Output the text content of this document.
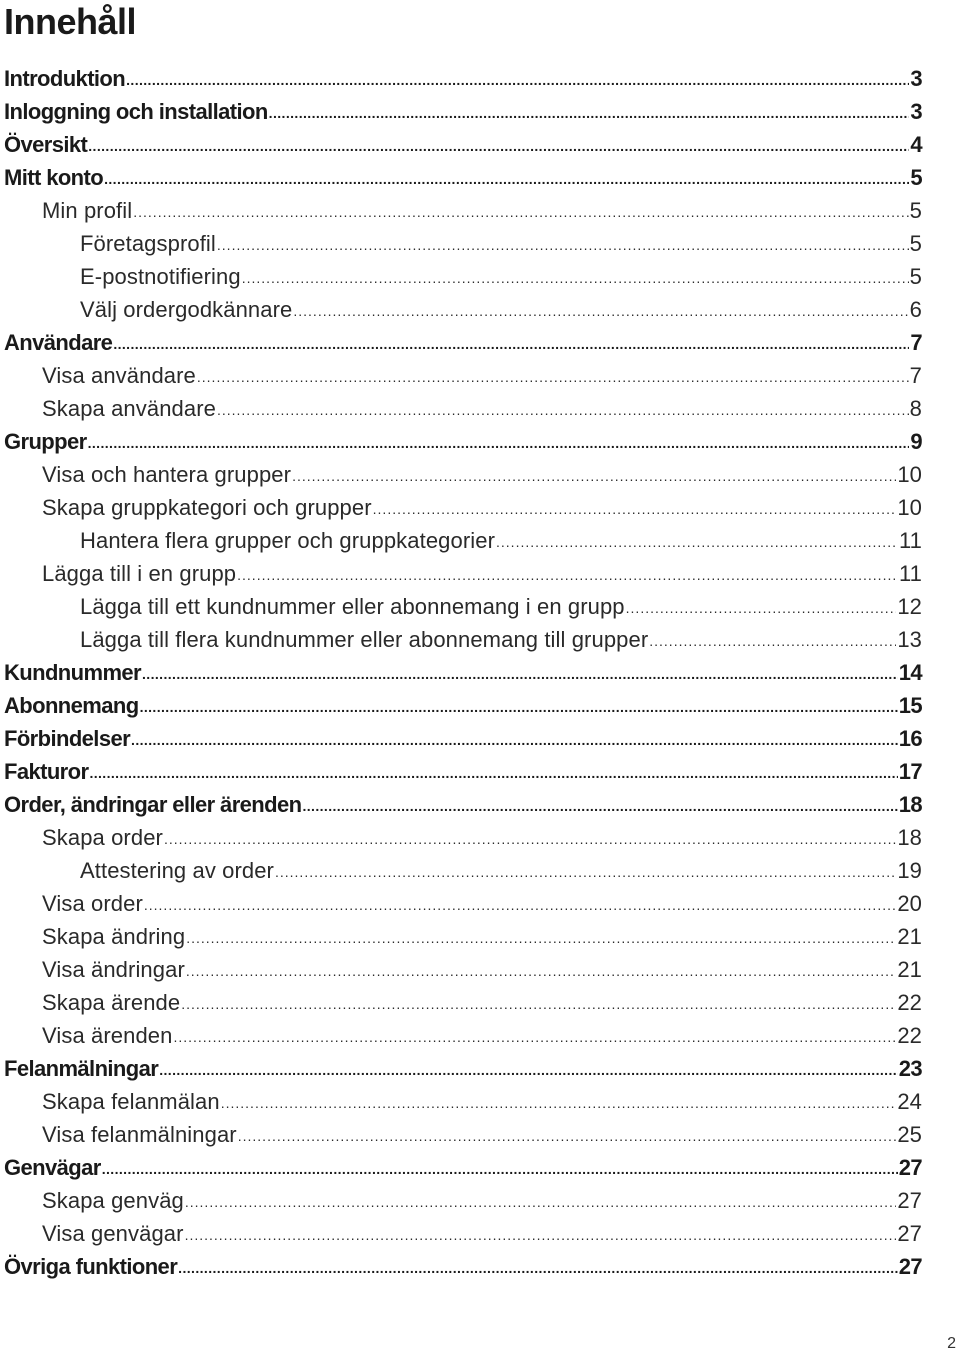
Innehåll
Introduktion .....	3
Inloggning och installation .....	3
Översikt .....	4
Mitt konto .....	5
Min profil .....	5
Företagsprofil .....	5
E-postnotifiering .....	5
Välj ordergodkännare .....	6
Användare .....	7
Visa användare .....	7
Skapa användare .....	8
Grupper .....	9
Visa och hantera grupper .....	10
Skapa gruppkategori och grupper .....	10
Hantera flera grupper och gruppkategorier .....	11
Lägga till i en grupp .....	11
Lägga till ett kundnummer eller abonnemang i en grupp .....	12
Lägga till flera kundnummer eller abonnemang till grupper .....	13
Kundnummer .....	14
Abonnemang .....	15
Förbindelser .....	16
Fakturor .....	17
Order, ändringar eller ärenden .....	18
Skapa order .....	18
Attestering av order .....	19
Visa order .....	20
Skapa ändring .....	21
Visa ändringar .....	21
Skapa ärende .....	22
Visa ärenden .....	22
Felanmälningar .....	23
Skapa felanmälan .....	24
Visa felanmälningar .....	25
Genvägar .....	27
Skapa genväg .....	27
Visa genvägar .....	27
Övriga funktioner .....	27
2
